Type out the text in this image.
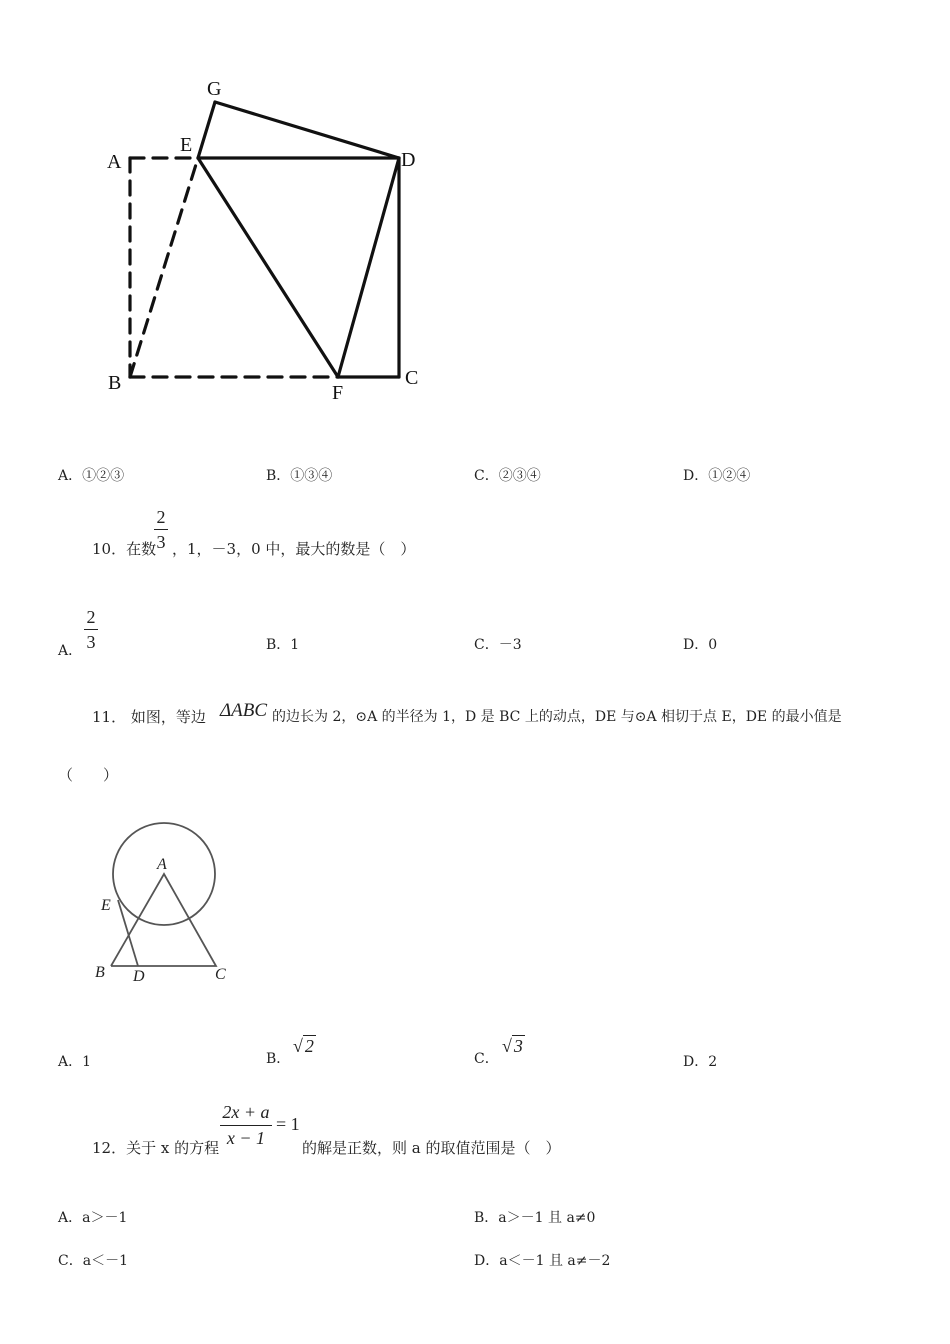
G
E
A	D
B	F
C
A．①②③	B．①③④	C．②③④	D．①②④
10．在数
2
3 ，1，－3，0 中，最大的数是（　）
A．
2
3	B．1	C．－3	D．0
11． 如图，等边 ΔABC 的边长为 2，⊙A 的半径为 1，D 是 BC 上的动点，DE 与⊙A 相切于点 E，DE 的最小值是
（　　）
A
E
B D	C
A．1	B．
√ 2
C．
√ 3
D．2
12．关于 x 的方程
2x + a
x − 1
= 1
的解是正数，则 a 的取值范围是（　）
A．a＞－1	B．a＞－1 且 a≠0
C．a＜－1	D．a＜－1 且 a≠－2
